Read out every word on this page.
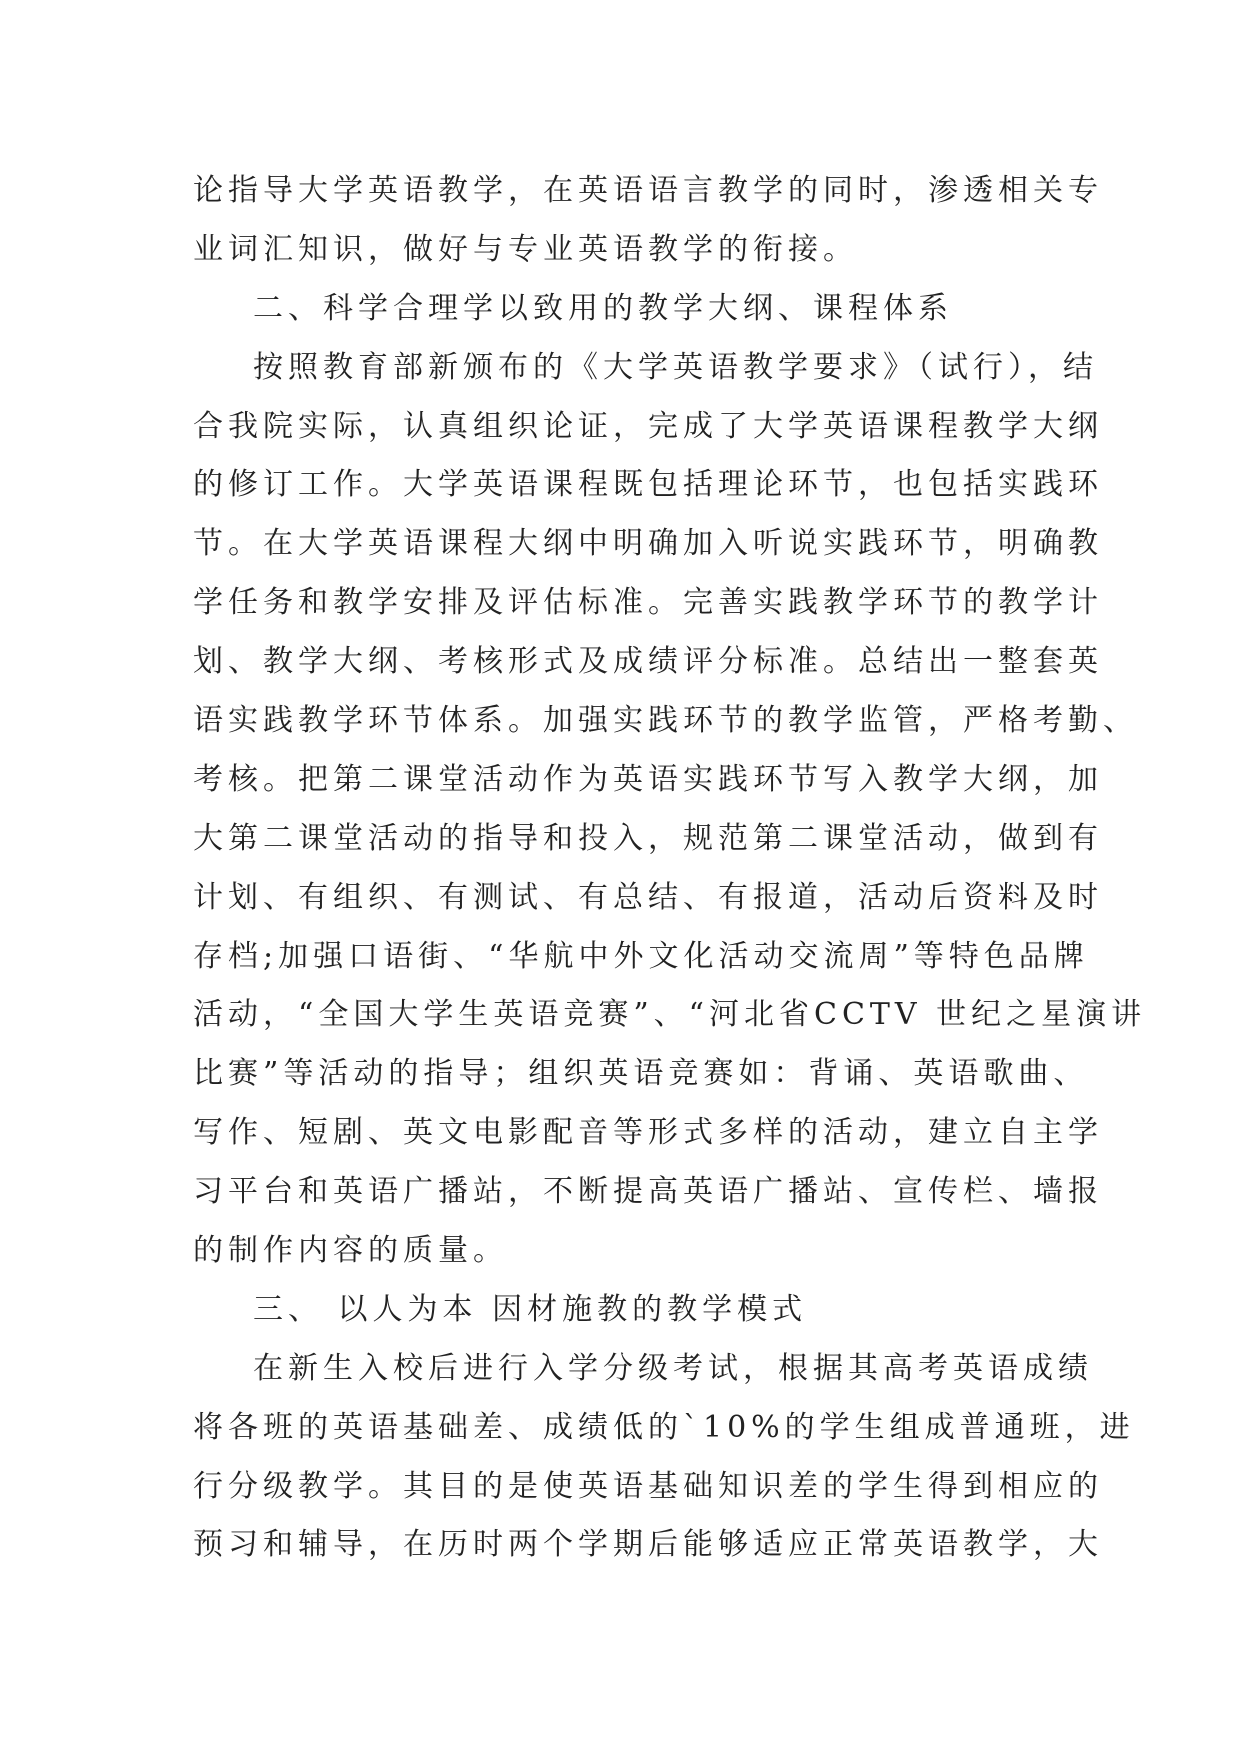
论指导大学英语教学，在英语语言教学的同时，渗透相关专
业词汇知识，做好与专业英语教学的衔接。
二、科学合理学以致用的教学大纲、课程体系
按照教育部新颁布的《大学英语教学要求》（试行），结
合我院实际，认真组织论证，完成了大学英语课程教学大纲
的修订工作。大学英语课程既包括理论环节，也包括实践环
节。在大学英语课程大纲中明确加入听说实践环节，明确教
学任务和教学安排及评估标准。完善实践教学环节的教学计
划、教学大纲、考核形式及成绩评分标准。总结出一整套英
语实践教学环节体系。加强实践环节的教学监管，严格考勤、
考核。把第二课堂活动作为英语实践环节写入教学大纲，加
大第二课堂活动的指导和投入，规范第二课堂活动，做到有
计划、有组织、有测试、有总结、有报道，活动后资料及时
存档;加强口语街、“华航中外文化活动交流周”等特色品牌
活动，“全国大学生英语竞赛”、“河北省CCTV 世纪之星演讲
比赛”等活动的指导；组织英语竞赛如：背诵、英语歌曲、
写作、短剧、英文电影配音等形式多样的活动，建立自主学
习平台和英语广播站，不断提高英语广播站、宣传栏、墙报
的制作内容的质量。
三、 以人为本 因材施教的教学模式
在新生入校后进行入学分级考试，根据其高考英语成绩
将各班的英语基础差、成绩低的`10%的学生组成普通班，进
行分级教学。其目的是使英语基础知识差的学生得到相应的
预习和辅导，在历时两个学期后能够适应正常英语教学，大
